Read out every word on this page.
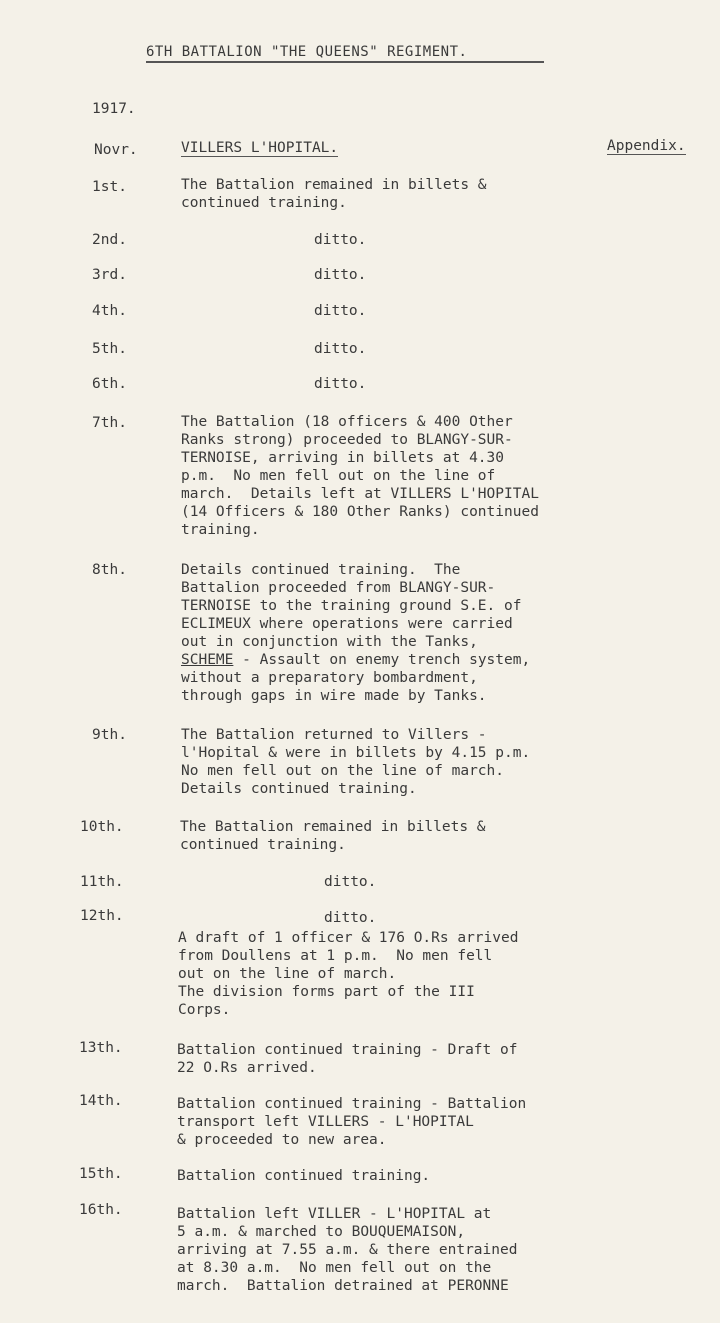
6TH BATTALION "THE QUEENS" REGIMENT.
1917.
Novr.	VILLERS L'HOPITAL.	Appendix.
1st.	The Battalion remained in billets &
continued training.
2nd.	ditto.
3rd.	ditto.
4th.	ditto.
5th.	ditto.
6th.	ditto.
7th.	The Battalion (18 officers & 400 Other
Ranks strong) proceeded to BLANGY-SUR-
TERNOISE, arriving in billets at 4.30
p.m.  No men fell out on the line of
march.  Details left at VILLERS L'HOPITAL
(14 Officers & 180 Other Ranks) continued
training.
8th.	Details continued training.  The
Battalion proceeded from BLANGY-SUR-
TERNOISE to the training ground S.E. of
ECLIMEUX where operations were carried
out in conjunction with the Tanks,
SCHEME - Assault on enemy trench system,
without a preparatory bombardment,
through gaps in wire made by Tanks.
9th.	The Battalion returned to Villers -
l'Hopital & were in billets by 4.15 p.m.
No men fell out on the line of march.
Details continued training.
10th.	The Battalion remained in billets &
continued training.
11th.	ditto.
12th.	ditto.
A draft of 1 officer & 176 O.Rs arrived
from Doullens at 1 p.m.  No men fell
out on the line of march.
The division forms part of the III
Corps.
13th.	Battalion continued training - Draft of
22 O.Rs arrived.
14th.	Battalion continued training - Battalion
transport left VILLERS - L'HOPITAL
& proceeded to new area.
15th.	Battalion continued training.
16th.	Battalion left VILLER - L'HOPITAL at
5 a.m. & marched to BOUQUEMAISON,
arriving at 7.55 a.m. & there entrained
at 8.30 a.m.  No men fell out on the
march.  Battalion detrained at PERONNE
